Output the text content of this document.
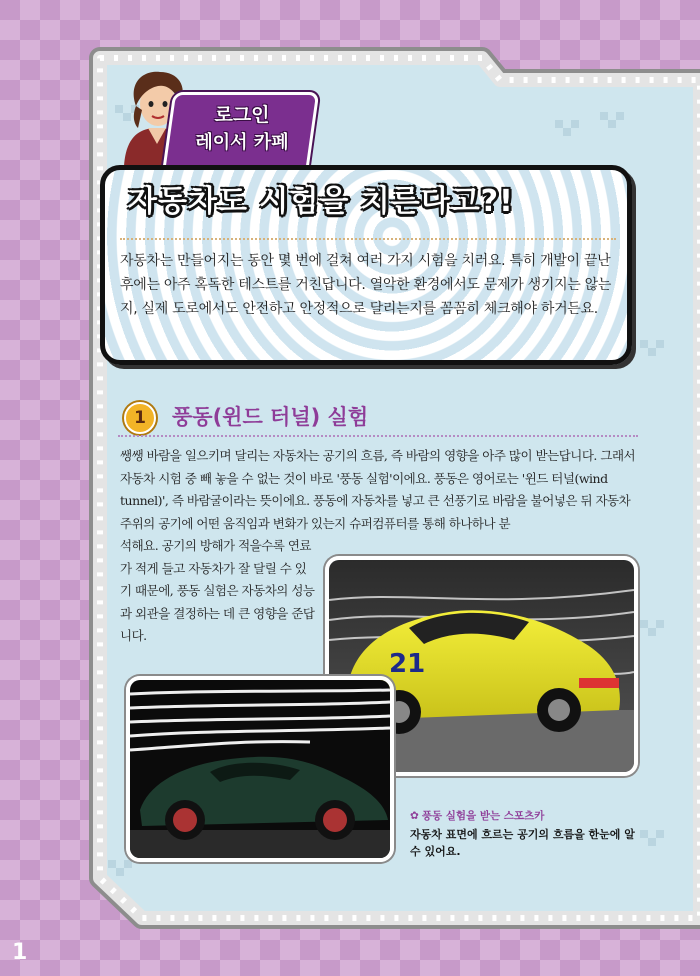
1
로그인
레이서 카페
자동차도 시험을 치른다고?!
자동차는 만들어지는 동안 몇 번에 걸쳐 여러 가지 시험을 치러요. 특히 개발이 끝난 후에는 아주 혹독한 테스트를 거친답니다. 열악한 환경에서도 문제가 생기지는 않는지, 실제 도로에서도 안전하고 안정적으로 달리는지를 꼼꼼히 체크해야 하거든요.
1	풍동(윈드 터널) 실험

쌩쌩 바람을 일으키며 달리는 자동차는 공기의 흐름, 즉 바람의 영향을 아주 많이 받는답니다. 그래서 자동차 시험 중 빼 놓을 수 없는 것이 바로 '풍동 실험'이에요. 풍동은 영어로는 '윈드 터널(wind tunnel)', 즉 바람굴이라는 뜻이에요. 풍동에 자동차를 넣고 큰 선풍기로 바람을 불어넣은 뒤 자동차 주위의 공기에 어떤 움직임과 변화가 있는지 슈퍼컴퓨터를 통해 하나하나 분

석해요. 공기의 방해가 적을수록 연료가 적게 들고 자동차가 잘 달릴 수 있기 때문에, 풍동 실험은 자동차의 성능과 외관을 결정하는 데 큰 영향을 준답니다.
21
✿ 풍동 실험을 받는 스포츠카
자동차 표면에 흐르는 공기의 흐름을 한눈에 알 수 있어요.
